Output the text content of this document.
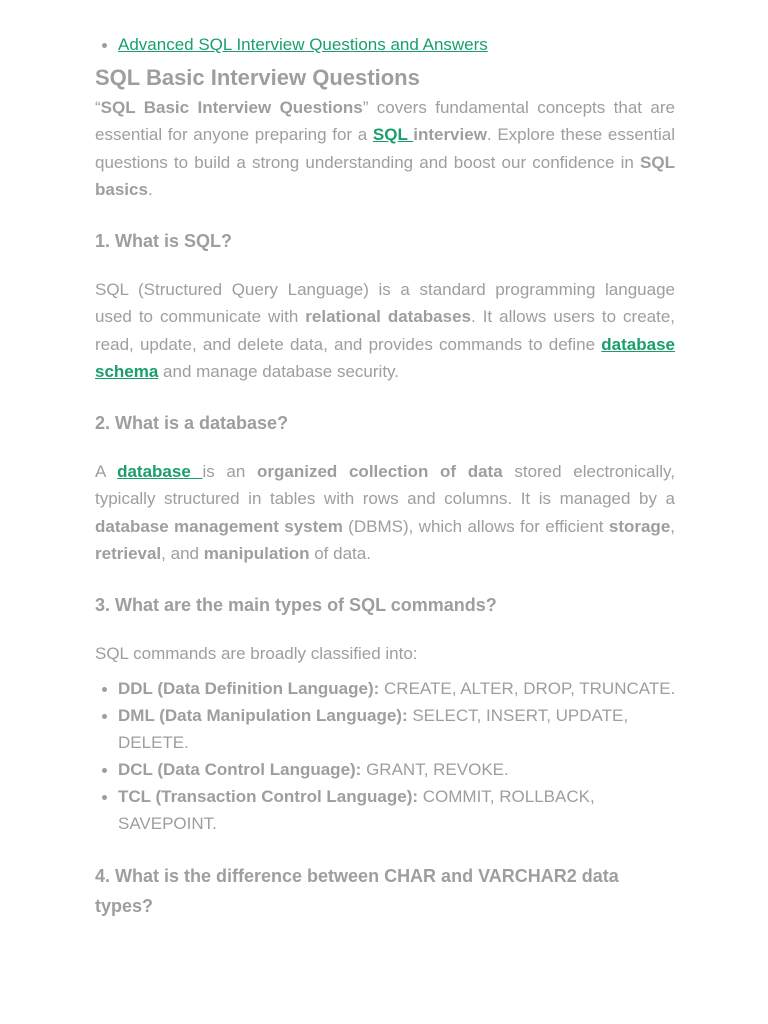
Advanced SQL Interview Questions and Answers
SQL Basic Interview Questions

“SQL Basic Interview Questions” covers fundamental concepts that are essential for anyone preparing for a SQL interview. Explore these essential questions to build a strong understanding and boost our confidence in SQL basics.

1. What is SQL?

SQL (Structured Query Language) is a standard programming language used to communicate with relational databases. It allows users to create, read, update, and delete data, and provides commands to define database schema and manage database security.

2. What is a database?

A database is an organized collection of data stored electronically, typically structured in tables with rows and columns. It is managed by a database management system (DBMS), which allows for efficient storage, retrieval, and manipulation of data.

3. What are the main types of SQL commands?

SQL commands are broadly classified into:

DDL (Data Definition Language): CREATE, ALTER, DROP, TRUNCATE.
DML (Data Manipulation Language): SELECT, INSERT, UPDATE, DELETE.
DCL (Data Control Language): GRANT, REVOKE.
TCL (Transaction Control Language): COMMIT, ROLLBACK, SAVEPOINT.
4. What is the difference between CHAR and VARCHAR2 data types?
